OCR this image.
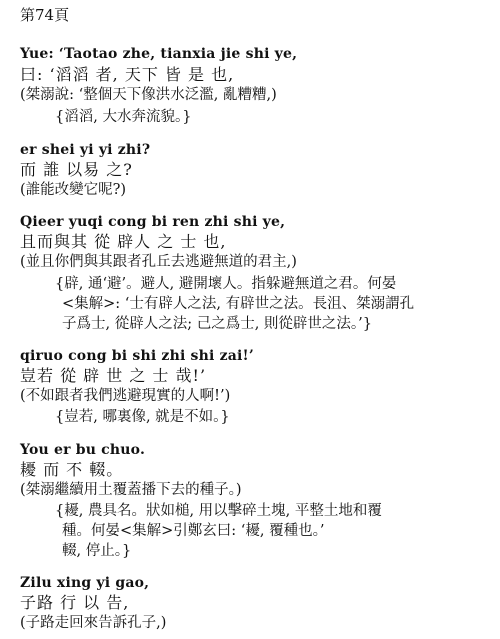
第74頁
Yue: ‘Taotao zhe, tianxia jie shi ye,
曰: ‘滔滔 者, 天下 皆 是 也,
(桀溺說: ‘整個天下像洪水泛濫, 亂糟糟,)
{滔滔, 大水奔流貌。}
er shei yi yi zhi?
而 誰 以易 之?
(誰能改變它呢?)
Qieer yuqi cong bi ren zhi shi ye,
且而與其 從 辟人 之 士 也,
(並且你們與其跟者孔丘去逃避無道的君主,)
{辟, 通‘避’。避人, 避開壞人。指躲避無道之君。何晏
<集解>: ‘士有辟人之法, 有辟世之法。長沮、桀溺謂孔
子爲士, 從辟人之法; 己之爲士, 則從辟世之法。’}
qiruo cong bi shi zhi shi zai!’
豈若 從 辟 世 之 士 哉!’
(不如跟者我們逃避現實的人啊!’)
{豈若, 哪裏像, 就是不如。}
You er bu chuo.
耰 而 不 輟。
(桀溺繼續用土覆蓋播下去的種子。)
{耰, 農具名。狀如槌, 用以擊碎土塊, 平整土地和覆
種。何晏<集解>引鄭玄曰: ‘耰, 覆種也。’
輟, 停止。}
Zilu xing yi gao,
子路 行 以 告,
(子路走回來告訴孔子,)
